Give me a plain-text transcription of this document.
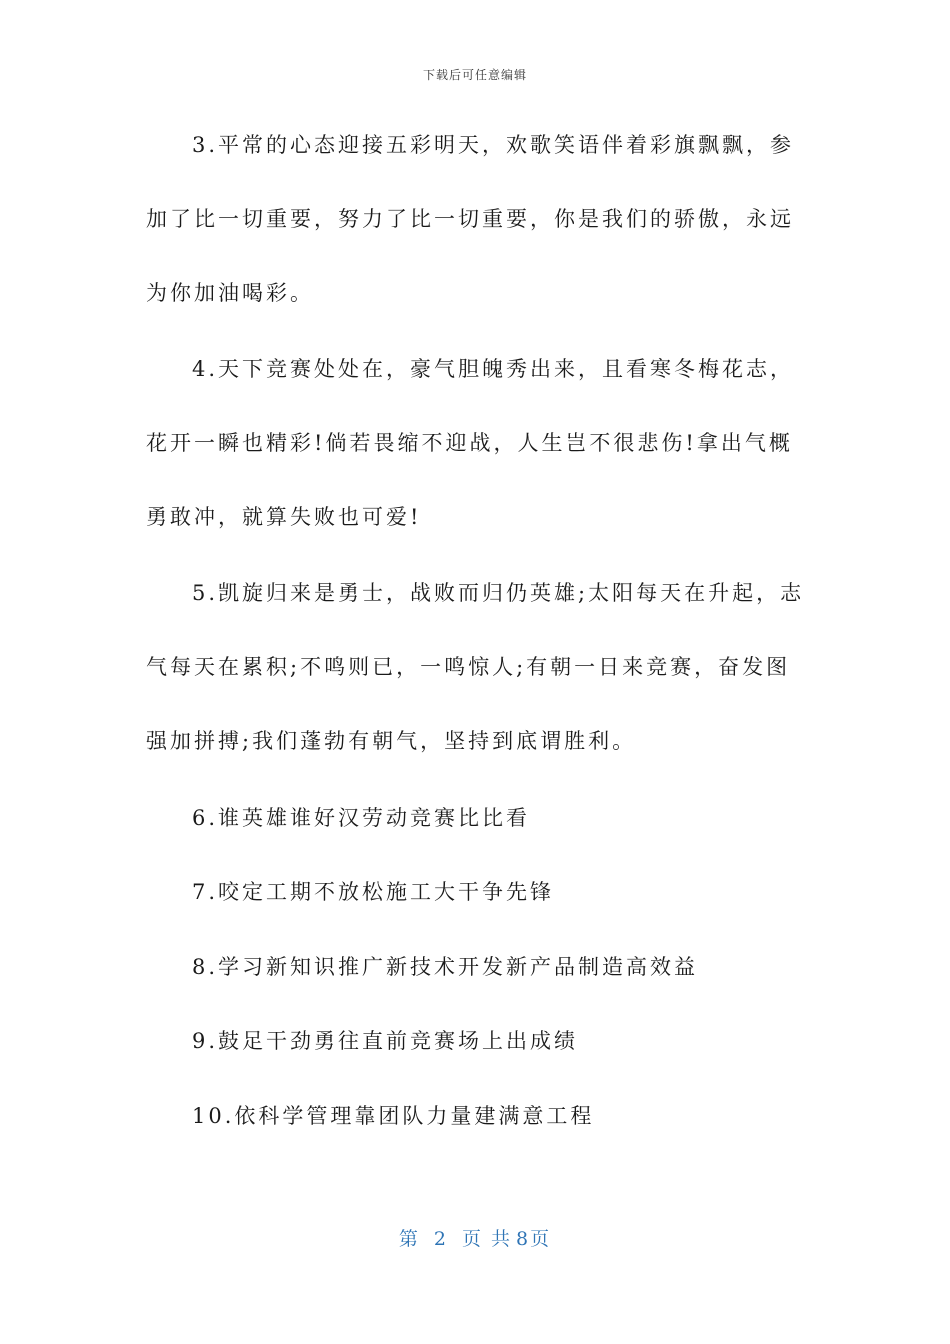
下载后可任意编辑
3.平常的心态迎接五彩明天，欢歌笑语伴着彩旗飘飘，参
加了比一切重要，努力了比一切重要，你是我们的骄傲，永远
为你加油喝彩。
4.天下竞赛处处在，豪气胆魄秀出来，且看寒冬梅花志，
花开一瞬也精彩!倘若畏缩不迎战，人生岂不很悲伤!拿出气概
勇敢冲，就算失败也可爱!
5.凯旋归来是勇士，战败而归仍英雄;太阳每天在升起，志
气每天在累积;不鸣则已，一鸣惊人;有朝一日来竞赛，奋发图
强加拼搏;我们蓬勃有朝气，坚持到底谓胜利。
6.谁英雄谁好汉劳动竞赛比比看
7.咬定工期不放松施工大干争先锋
8.学习新知识推广新技术开发新产品制造高效益
9.鼓足干劲勇往直前竞赛场上出成绩
10.依科学管理靠团队力量建满意工程
第 2 页 共 8页
